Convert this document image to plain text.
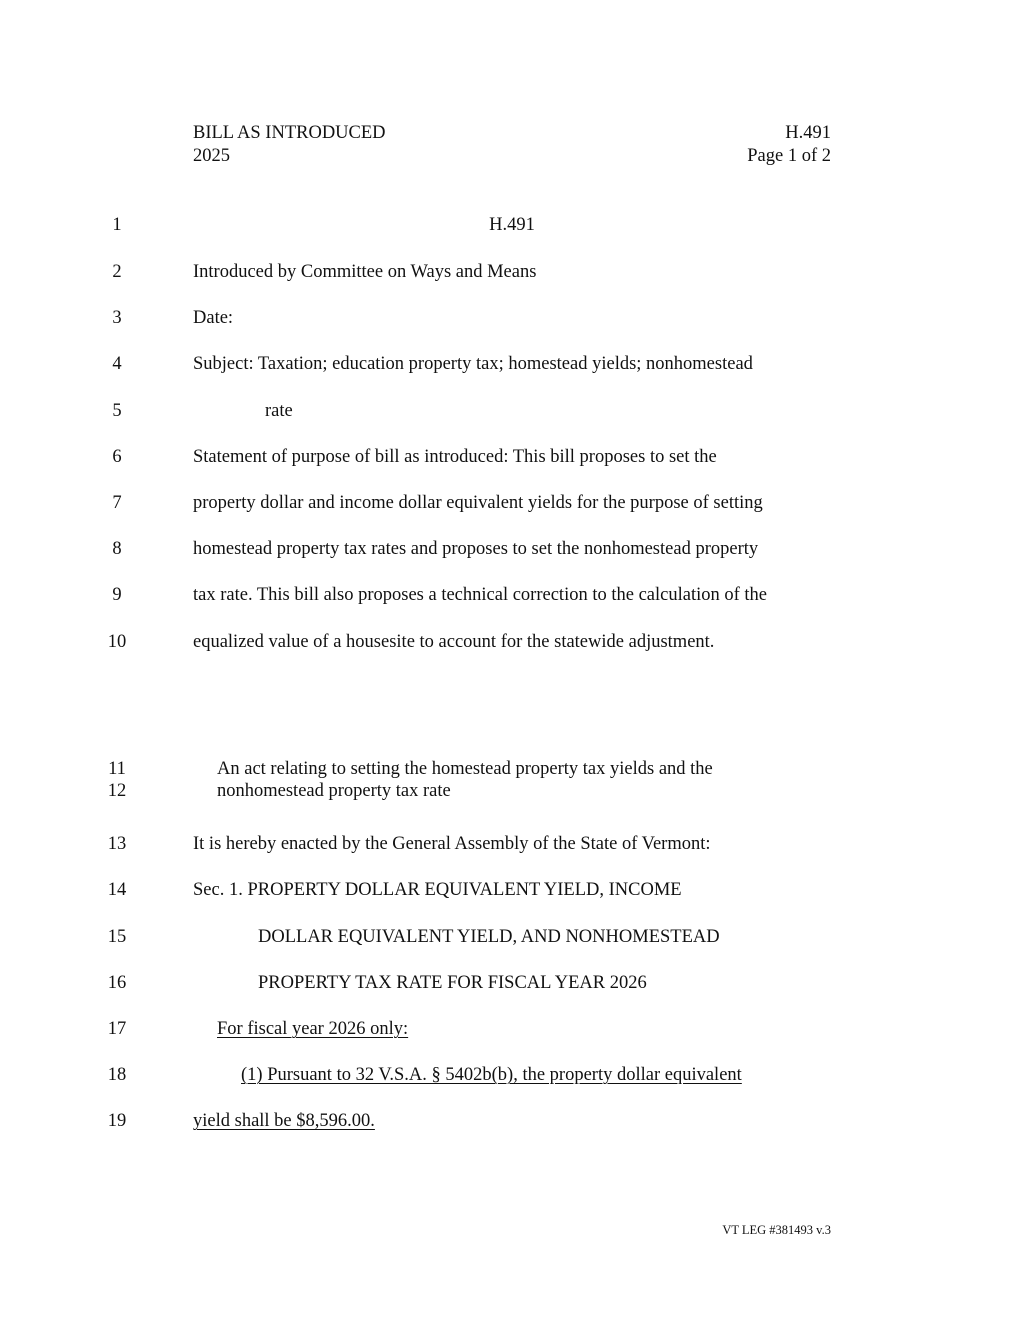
BILL AS INTRODUCED
2025
H.491
Page 1 of 2
1	H.491
2	Introduced by Committee on Ways and Means
3	Date:
4	Subject: Taxation; education property tax; homestead yields; nonhomestead
5	rate
6	Statement of purpose of bill as introduced: This bill proposes to set the
7	property dollar and income dollar equivalent yields for the purpose of setting
8	homestead property tax rates and proposes to set the nonhomestead property
9	tax rate. This bill also proposes a technical correction to the calculation of the
10	equalized value of a housesite to account for the statewide adjustment.
11	An act relating to setting the homestead property tax yields and the
12	nonhomestead property tax rate
13	It is hereby enacted by the General Assembly of the State of Vermont:
14	Sec. 1. PROPERTY DOLLAR EQUIVALENT YIELD, INCOME
15	DOLLAR EQUIVALENT YIELD, AND NONHOMESTEAD
16	PROPERTY TAX RATE FOR FISCAL YEAR 2026
17	For fiscal year 2026 only:
18	(1) Pursuant to 32 V.S.A. § 5402b(b), the property dollar equivalent
19	yield shall be $8,596.00.
VT LEG #381493 v.3
